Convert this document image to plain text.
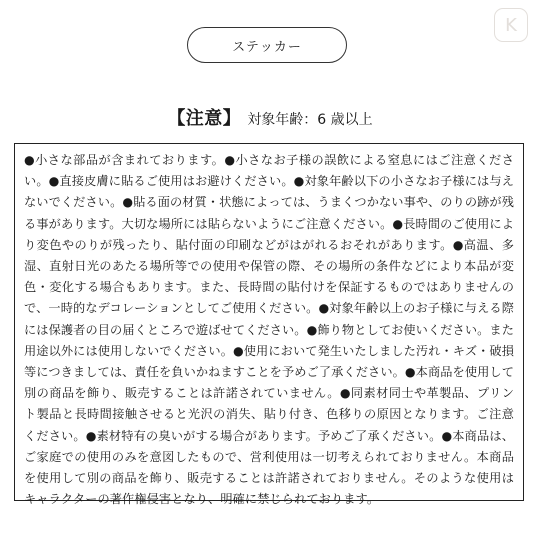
ステッカー
K
【注意】 対象年齢：6 歳以上
●小さな部品が含まれております。●小さなお子様の誤飲による窒息にはご注意ください。●直接皮膚に貼るご使用はお避けください。●対象年齢以下の小さなお子様には与えないでください。●貼る面の材質・状態によっては、うまくつかない事や、のりの跡が残る事があります。大切な場所には貼らないようにご注意ください。●長時間のご使用により変色やのりが残ったり、貼付面の印刷などがはがれるおそれがあります。●高温、多湿、直射日光のあたる場所等での使用や保管の際、その場所の条件などにより本品が変色・変化する場合もあります。また、長時間の貼付けを保証するものではありませんので、一時的なデコレーションとしてご使用ください。●対象年齢以上のお子様に与える際には保護者の目の届くところで遊ばせてください。●飾り物としてお使いください。また用途以外には使用しないでください。●使用において発生いたしました汚れ・キズ・破損等につきましては、責任を負いかねますことを予めご了承ください。●本商品を使用して別の商品を飾り、販売することは許諾されていません。●同素材同士や革製品、プリント製品と長時間接触させると光沢の消失、貼り付き、色移りの原因となります。ご注意ください。●素材特有の臭いがする場合があります。予めご了承ください。●本商品は、ご家庭での使用のみを意図したもので、営利使用は一切考えられておりません。本商品を使用して別の商品を飾り、販売することは許諾されておりません。そのような使用はキャラクターの著作権侵害となり、明確に禁じられております。
